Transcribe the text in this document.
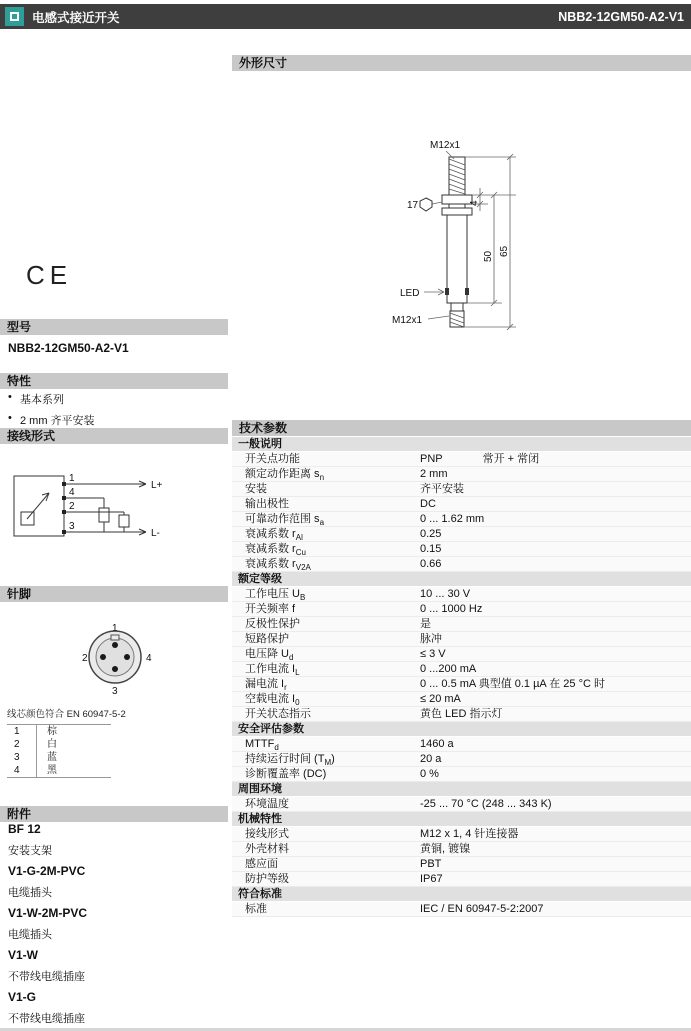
电感式接近开关	NBB2-12GM50-A2-V1
CE
型号
NBB2-12GM50-A2-V1
特性
• 基本系列
• 2 mm 齐平安装
接线形式
1
4
2
3
L+
L-
针脚
1
2	4
3
线芯颜色符合 EN 60947-5-2
1	棕
2	白
3	蓝
4	黑
附件
BF 12
安装支架
V1-G-2M-PVC
电缆插头
V1-W-2M-PVC
电缆插头
V1-W
不带线电缆插座
V1-G
不带线电缆插座
外形尺寸
M12x1
17
LED
M12x1
4
50 65
技术参数
一般说明
开关点功能	PNP	常开 + 常闭
额定动作距离 $s_n$	2 mm
安装	齐平安装
输出极性	DC
可靠动作范围 $s_a$	0 ... 1.62 mm
衰减系数 $r_{Al}$	0.25
衰减系数 $r_{Cu}$	0.15
衰减系数 $r_{V2A}$	0.66
额定等级
工作电压 $U_B$	10 ... 30 V
开关频率 f	0 ... 1000 Hz
反极性保护	是
短路保护	脉冲
电压降 $U_d$	≤ 3 V
工作电流 $I_L$	0 ...200 mA
漏电流 $I_r$	0 ... 0.5 mA 典型值 0.1 µA 在 25 °C 时
空载电流 $I_0$	≤ 20 mA
开关状态指示	黄色 LED 指示灯
安全评估参数
$MTTF_d$	1460 a
持续运行时间 $(T_M)$	20 a
诊断覆盖率 (DC)	0 %
周围环境
环境温度	-25 ... 70 °C (248 ... 343 K)
机械特性
接线形式	M12 x 1, 4 针连接器
外壳材料	黄铜, 镀镍
感应面	PBT
防护等级	IP67
符合标准
标准	IEC / EN 60947-5-2:2007
